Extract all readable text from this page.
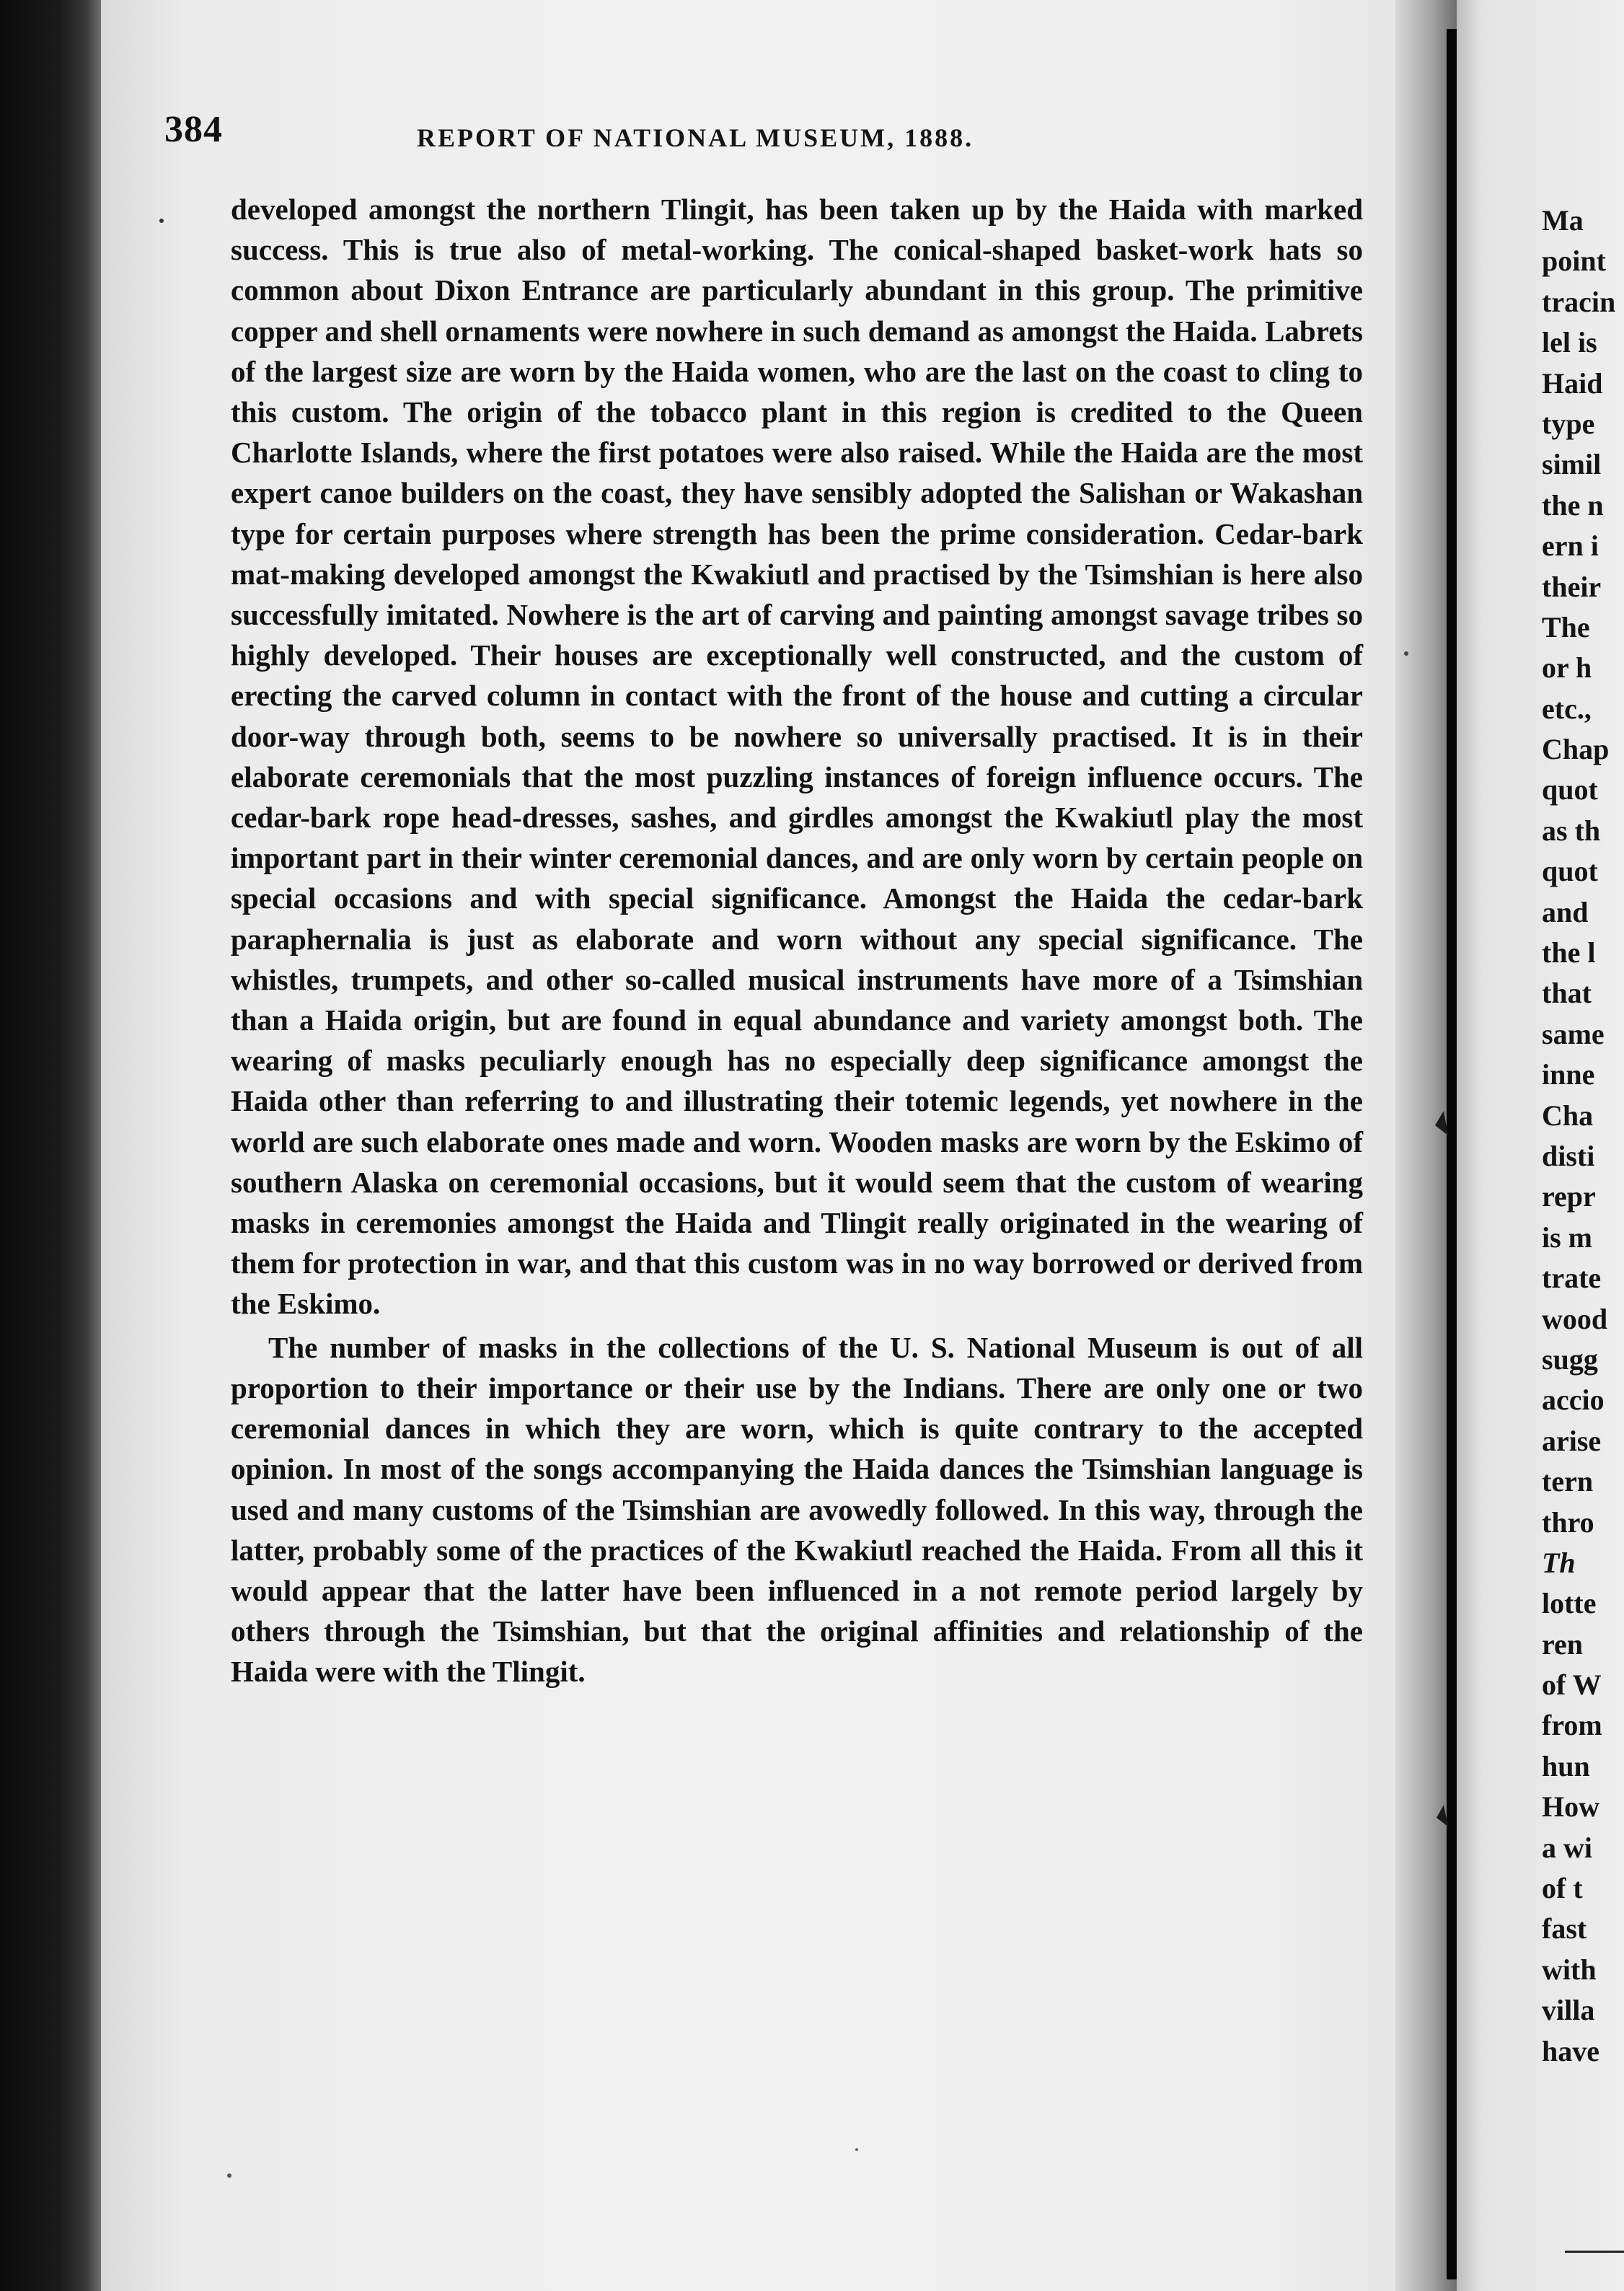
384	REPORT OF NATIONAL MUSEUM, 1888.

developed amongst the northern Tlingit, has been taken up by the Haida with marked success. This is true also of metal-working. The conical-shaped basket-work hats so common about Dixon Entrance are particularly abundant in this group. The primitive copper and shell ornaments were nowhere in such demand as amongst the Haida. Labrets of the largest size are worn by the Haida women, who are the last on the coast to cling to this custom. The origin of the tobacco plant in this region is credited to the Queen Charlotte Islands, where the first potatoes were also raised. While the Haida are the most expert canoe builders on the coast, they have sensibly adopted the Salishan or Wakashan type for certain purposes where strength has been the prime consideration. Cedar-bark mat-making developed amongst the Kwakiutl and practised by the Tsimshian is here also successfully imitated. Nowhere is the art of carving and painting amongst savage tribes so highly developed. Their houses are exceptionally well constructed, and the custom of erecting the carved column in contact with the front of the house and cutting a circular door-way through both, seems to be nowhere so universally practised. It is in their elaborate ceremonials that the most puzzling instances of foreign influence occurs. The cedar-bark rope head-dresses, sashes, and girdles amongst the Kwakiutl play the most important part in their winter ceremonial dances, and are only worn by certain people on special occasions and with special significance. Amongst the Haida the cedar-bark paraphernalia is just as elaborate and worn without any special significance. The whistles, trumpets, and other so-called musical instruments have more of a Tsimshian than a Haida origin, but are found in equal abundance and variety amongst both. The wearing of masks peculiarly enough has no especially deep significance amongst the Haida other than referring to and illustrating their totemic legends, yet nowhere in the world are such elaborate ones made and worn. Wooden masks are worn by the Eskimo of southern Alaska on ceremonial occasions, but it would seem that the custom of wearing masks in ceremonies amongst the Haida and Tlingit really originated in the wearing of them for protection in war, and that this custom was in no way borrowed or derived from the Eskimo.

The number of masks in the collections of the U. S. National Museum is out of all proportion to their importance or their use by the Indians. There are only one or two ceremonial dances in which they are worn, which is quite contrary to the accepted opinion. In most of the songs accompanying the Haida dances the Tsimshian language is used and many customs of the Tsimshian are avowedly followed. In this way, through the latter, probably some of the practices of the Kwakiutl reached the Haida. From all this it would appear that the latter have been influenced in a not remote period largely by others through the Tsimshian, but that the original affinities and relationship of the Haida were with the Tlingit.

Ma
point
tracin
lel is
Haid
type
simil
the n
ern i
their
The
or h
etc.,
Chap
quot
as th
quot
and
the l
that
same
inne
Cha
disti
repr
is m
trate
wood
sugg
accio
arise
tern
thro
Th
lotte
ren
of W
from
hun
How
a wi
of t
fast
with
villa
have
